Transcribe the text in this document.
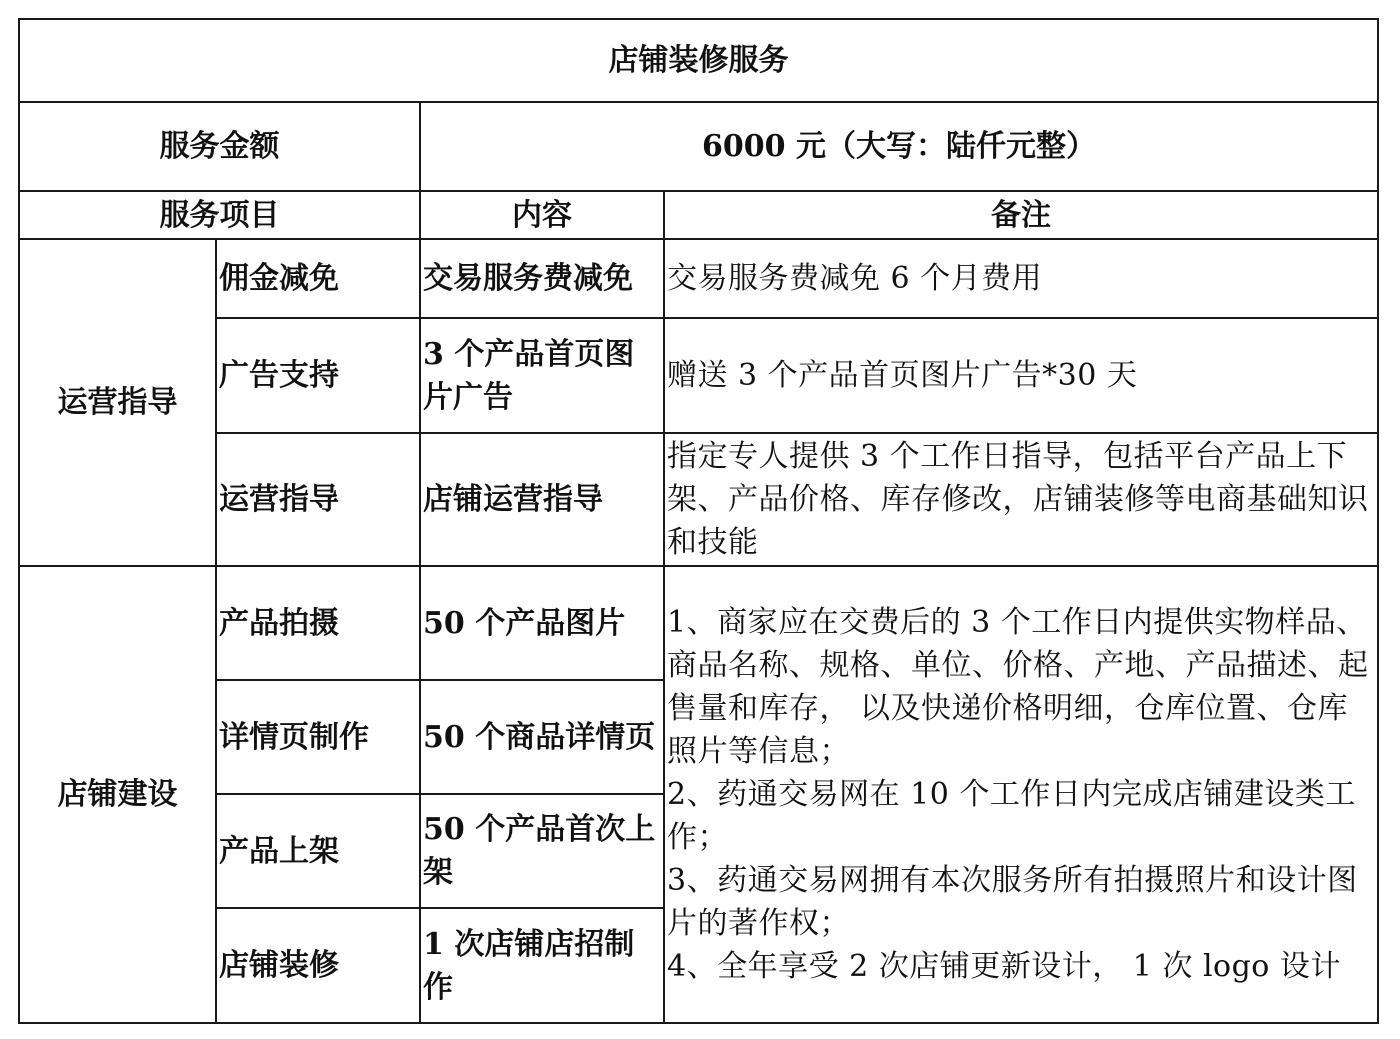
店铺装修服务			
服务金额		6000 元（大写：陆仟元整）	
服务项目		内容	备注
运营指导	佣金减免	交易服务费减免	交易服务费减免 6 个月费用
	广告支持	3 个产品首页图片广告	赠送 3 个产品首页图片广告*30 天
	运营指导	店铺运营指导	指定专人提供 3 个工作日指导，包括平台产品上下架、产品价格、库存修改，店铺装修等电商基础知识和技能
店铺建设	产品拍摄	50 个产品图片	1、商家应在交费后的 3 个工作日内提供实物样品、商品名称、规格、单位、价格、产地、产品描述、起售量和库存， 以及快递价格明细，仓库位置、仓库照片等信息；
2、药通交易网在 10 个工作日内完成店铺建设类工作；
3、药通交易网拥有本次服务所有拍摄照片和设计图片的著作权；
4、全年享受 2 次店铺更新设计， 1 次 logo 设计

	详情页制作	50 个商品详情页	
	产品上架	50 个产品首次上架	
	店铺装修	1 次店铺店招制作	
